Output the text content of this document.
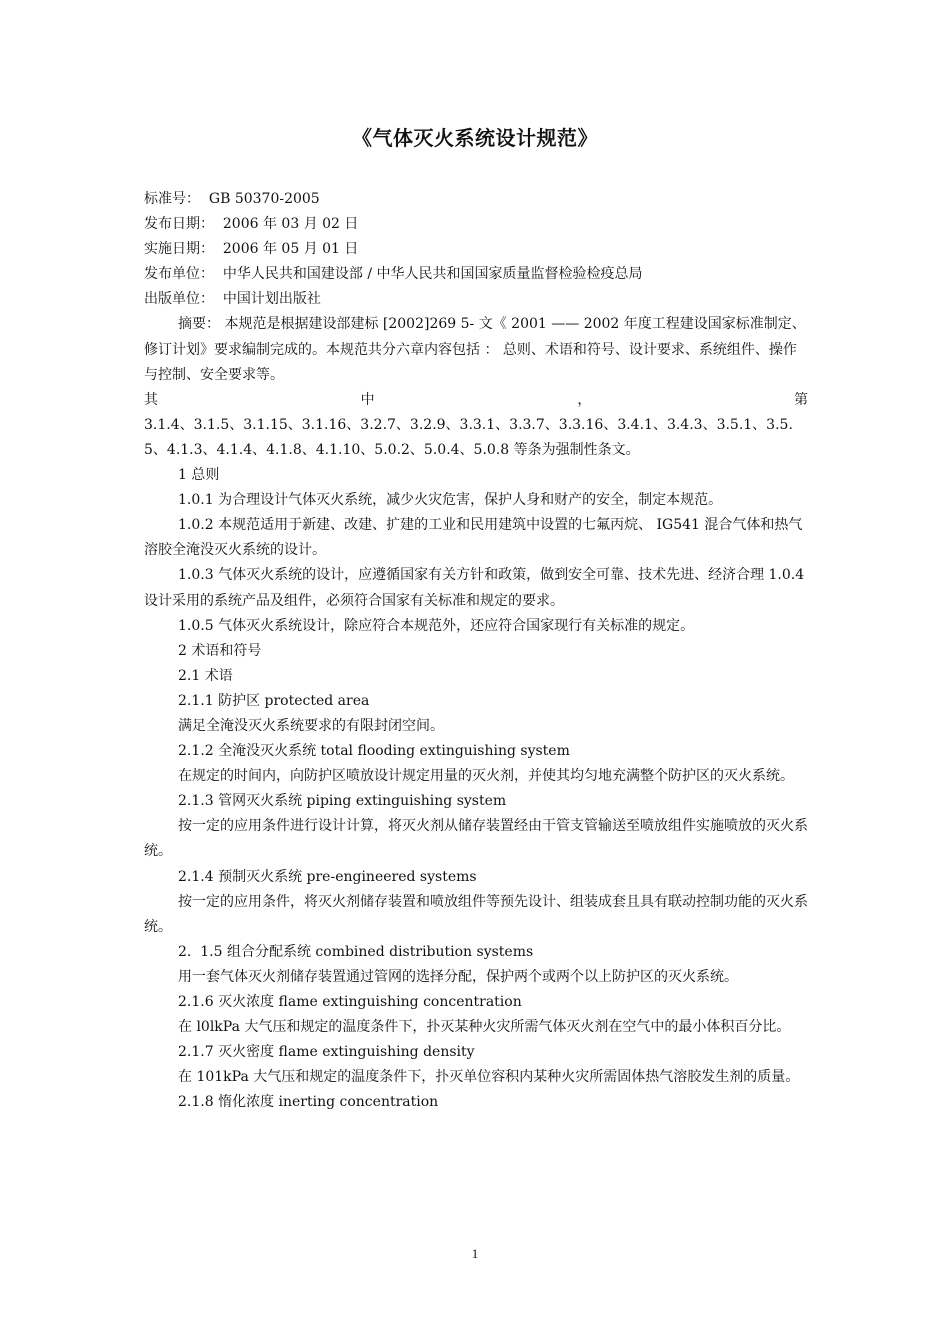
《气体灭火系统设计规范》

标准号：  GB 50370-2005

发布日期：  2006 年 03 月 02 日

实施日期：  2006 年 05 月 01 日

发布单位：  中华人民共和国建设部 / 中华人民共和国国家质量监督检验检疫总局

出版单位：  中国计划出版社

摘要： 本规范是根据建设部建标 [2002]269 5- 文《 2001 —— 2002 年度工程建设国家标准制定、修订计划》要求编制完成的。本规范共分六章内容包括 ： 总则、术语和符号、设计要求、系统组件、操作与控制、安全要求等。

其 中 ， 第

3.1.4、3.1.5、3.1.15、3.1.16、3.2.7、3.2.9、3.3.1、3.3.7、3.3.16、3.4.1、3.4.3、3.5.1、3.5.5、4.1.3、4.1.4、4.1.8、4.1.10、5.0.2、5.0.4、5.0.8 等条为强制性条文。

1 总则

1.0.1 为合理设计气体灭火系统，减少火灾危害，保护人身和财产的安全，制定本规范。

1.0.2 本规范适用于新建、改建、扩建的工业和民用建筑中设置的七氟丙烷、 IG541 混合气体和热气溶胶全淹没灭火系统的设计。

1.0.3 气体灭火系统的设计，应遵循国家有关方针和政策，做到安全可靠、技术先进、经济合理 1.0.4 设计采用的系统产品及组件，必须符合国家有关标准和规定的要求。

1.0.5 气体灭火系统设计，除应符合本规范外，还应符合国家现行有关标准的规定。

2 术语和符号

2.1 术语

2.1.1 防护区 protected area

满足全淹没灭火系统要求的有限封闭空间。

2.1.2 全淹没灭火系统 total flooding extinguishing system

在规定的时间内，向防护区喷放设计规定用量的灭火剂，并使其均匀地充满整个防护区的灭火系统。

2.1.3 管网灭火系统 piping extinguishing system

按一定的应用条件进行设计计算，将灭火剂从储存装置经由干管支管输送至喷放组件实施喷放的灭火系统。

2.1.4 预制灭火系统 pre-engineered systems

按一定的应用条件，将灭火剂储存装置和喷放组件等预先设计、组装成套且具有联动控制功能的灭火系统。

2.  1.5 组合分配系统 combined distribution systems

用一套气体灭火剂储存装置通过管网的选择分配，保护两个或两个以上防护区的灭火系统。

2.1.6 灭火浓度 flame extinguishing concentration

在 l0lkPa 大气压和规定的温度条件下，扑灭某种火灾所需气体灭火剂在空气中的最小体积百分比。

2.1.7 灭火密度 flame extinguishing density

在 101kPa 大气压和规定的温度条件下，扑灭单位容积内某种火灾所需固体热气溶胶发生剂的质量。

2.1.8 惰化浓度 inerting concentration

1
